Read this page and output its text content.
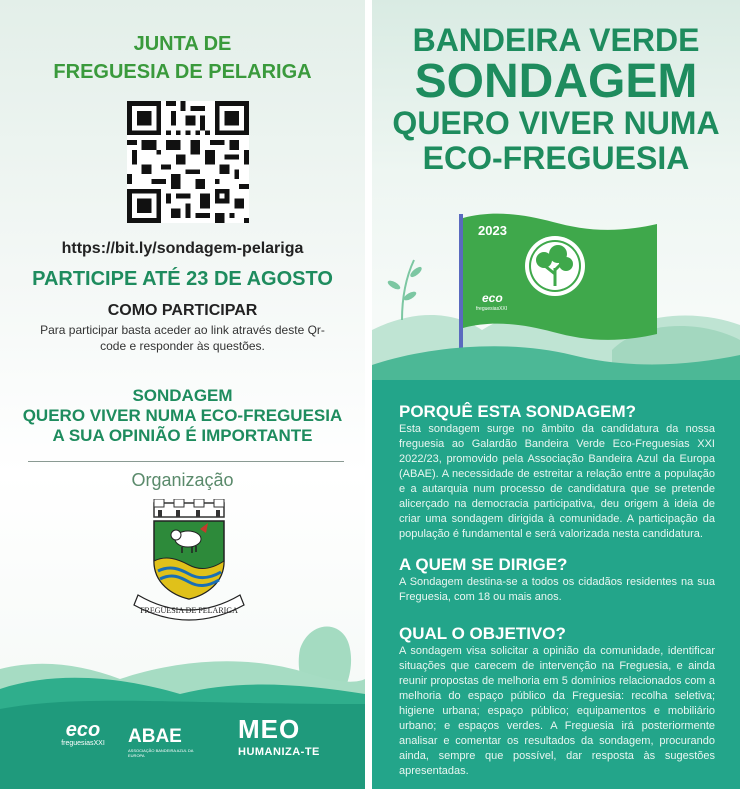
JUNTA DE
FREGUESIA DE PELARIGA
https://bit.ly/sondagem-pelariga
PARTICIPE ATÉ 23 DE AGOSTO
COMO PARTICIPAR
Para participar basta aceder ao link através deste Qr-code e responder às questões.
SONDAGEM
QUERO VIVER NUMA ECO-FREGUESIA
A SUA OPINIÃO É IMPORTANTE
Organização
FREGUESIA DE PELARIGA
eco
freguesiasXXI ABAE
ASSOCIAÇÃO BANDEIRA AZUL DA EUROPA
MEO
HUMANIZA-TE
BANDEIRA VERDE
SONDAGEM
QUERO VIVER NUMA
ECO-FREGUESIA
2023
eco
freguesiasXXI
PORQUÊ ESTA SONDAGEM?
Esta sondagem surge no âmbito da candidatura da nossa freguesia ao Galardão Bandeira Verde Eco-Freguesias XXI 2022/23, promovido pela Associação Bandeira Azul da Europa (ABAE). A necessidade de estreitar a relação entre a população e a autarquia num processo de candidatura que se pretende alicerçado na democracia participativa, deu origem à ideia de criar uma sondagem dirigida à comunidade. A participação da população é fundamental e será valorizada nesta candidatura.
A QUEM SE DIRIGE?
A Sondagem destina-se a todos os cidadãos residentes na sua Freguesia, com 18 ou mais anos.
QUAL O OBJETIVO?
A sondagem visa solicitar a opinião da comunidade, identificar situações que carecem de intervenção na Freguesia, e ainda reunir propostas de melhoria em 5 domínios relacionados com a melhoria do espaço público da Freguesia: recolha seletiva; higiene urbana; espaço público; equipamentos e mobiliário urbano; e espaços verdes. A Freguesia irá posteriormente analisar e comentar os resultados da sondagem, procurando ainda, sempre que possível, dar resposta às sugestões apresentadas.
